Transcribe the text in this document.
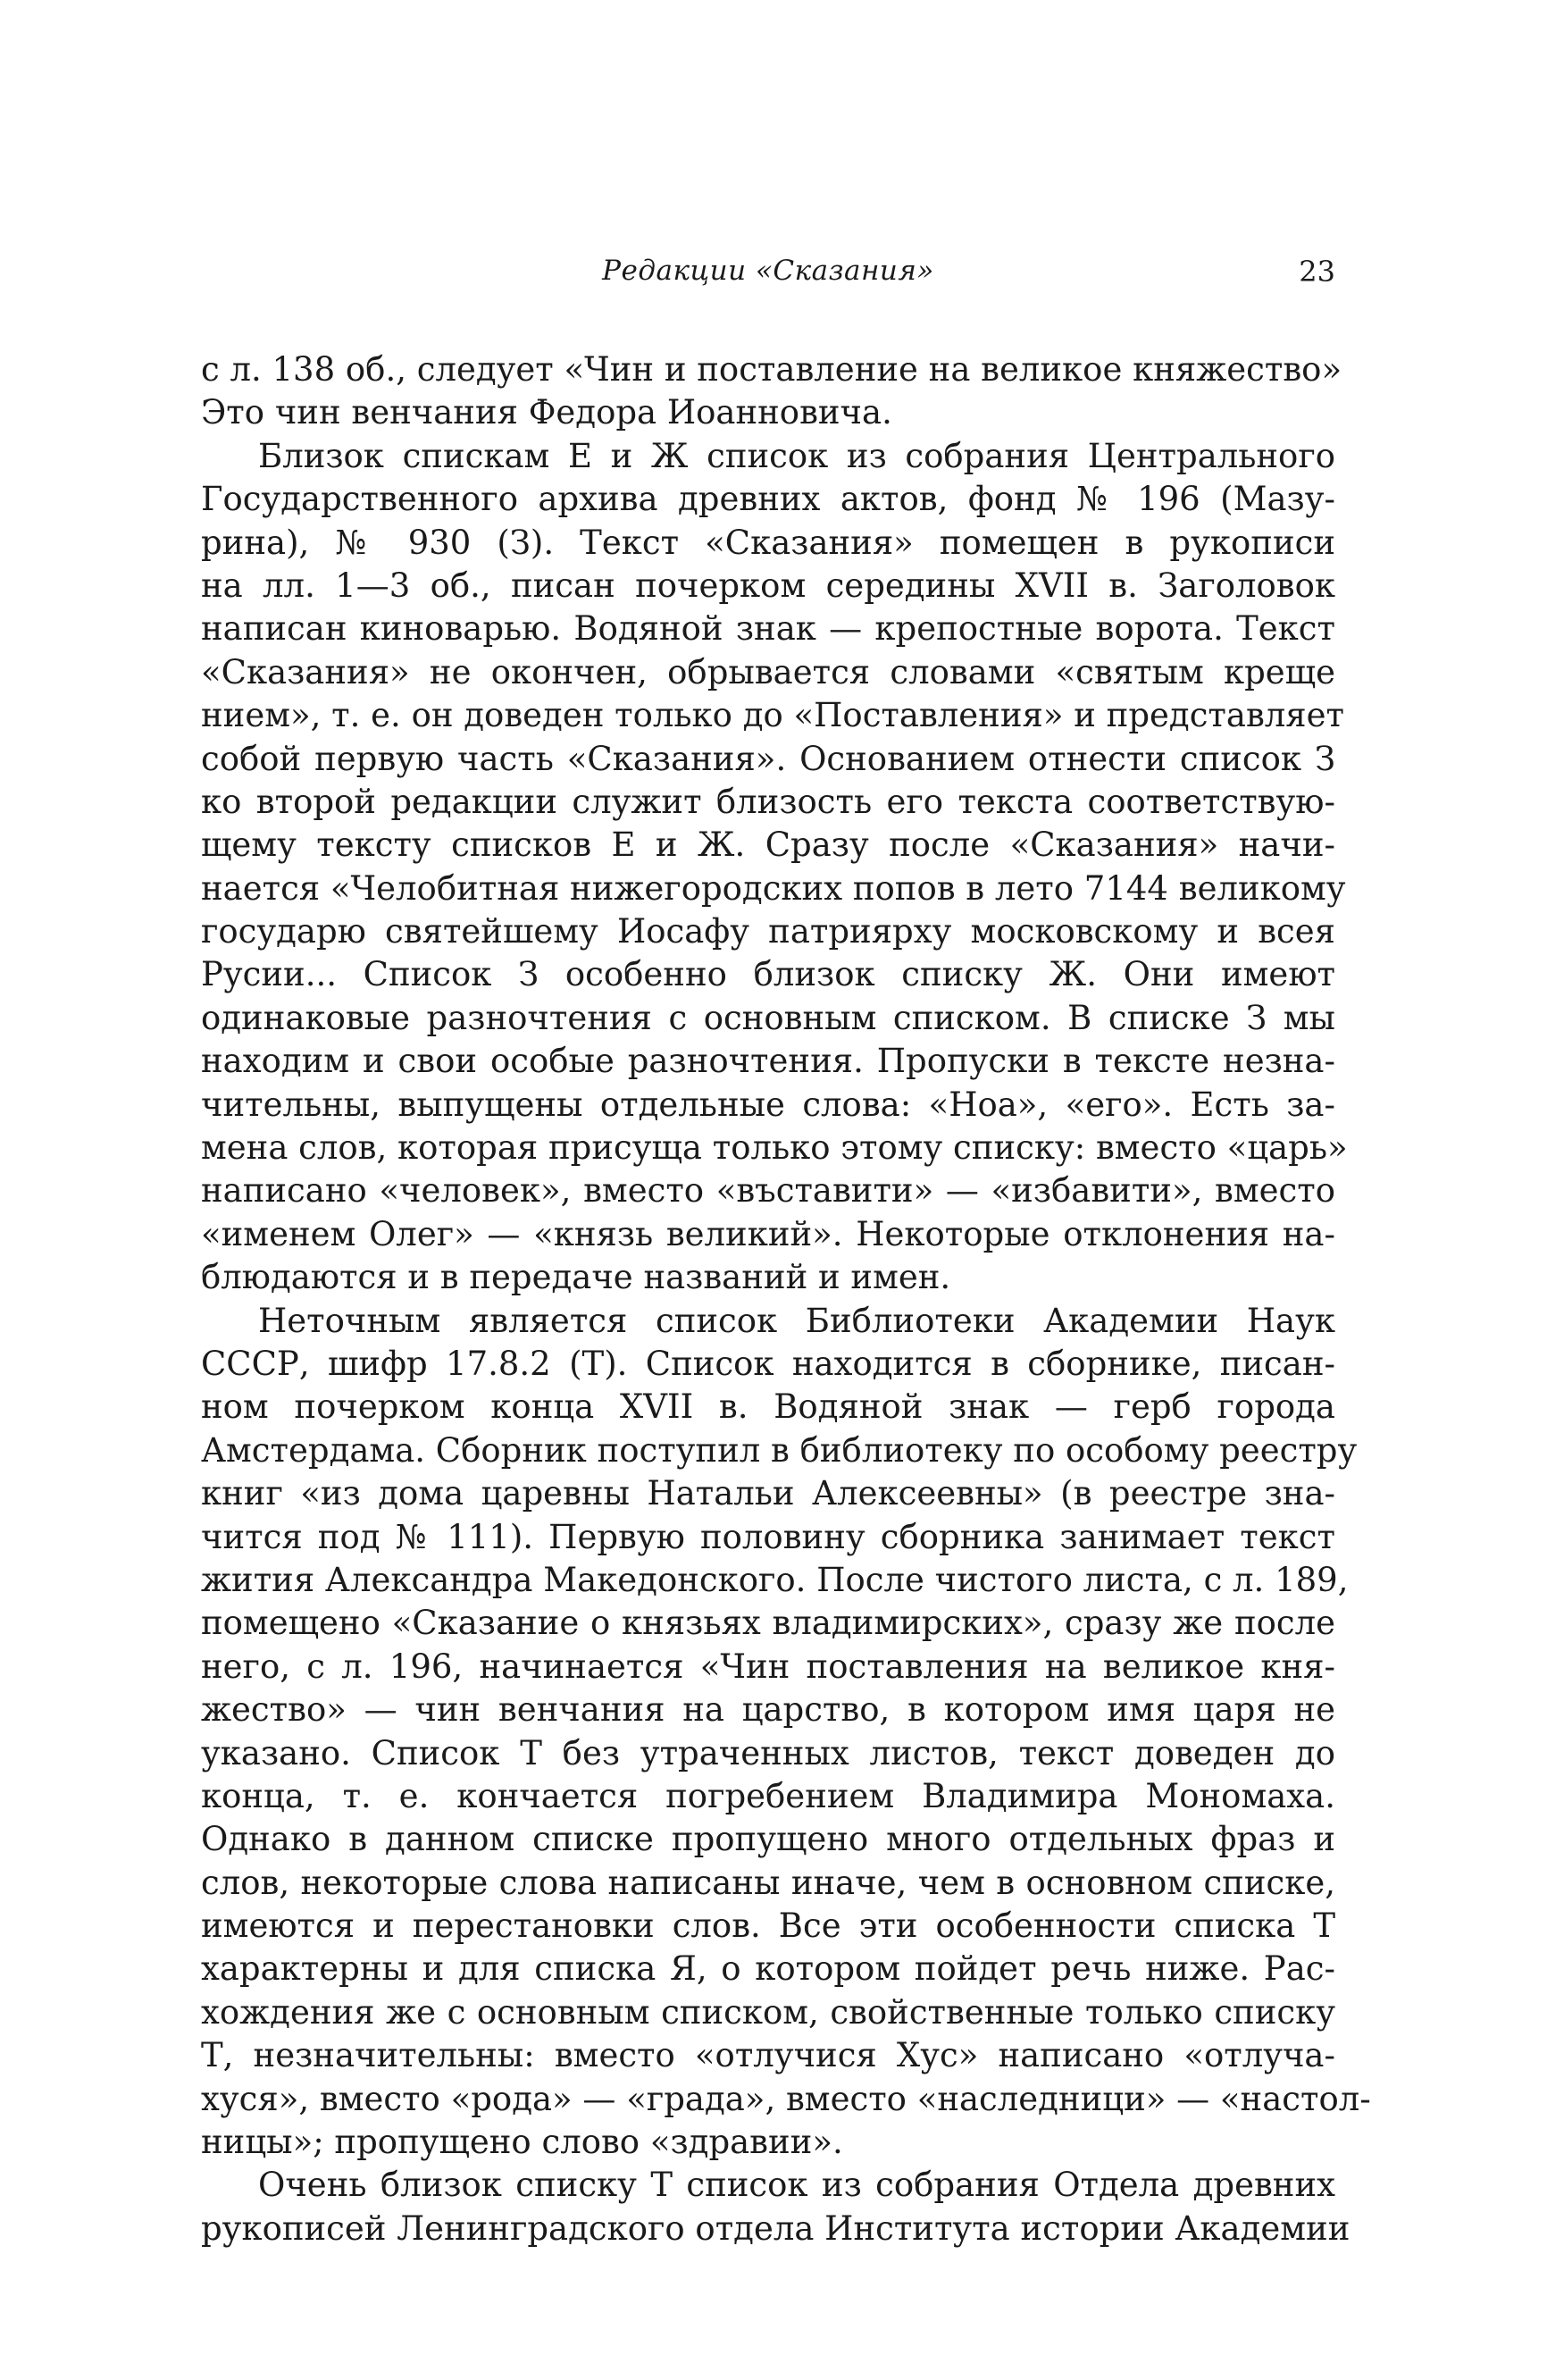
Редакции «Сказания»	23
с л. 138 об., следует «Чин и поставление на великое княжество»
Это чин венчания Федора Иоанновича.
Близок спискам Е и Ж список из собрания Центрального
Государственного архива древних актов, фонд № 196 (Мазу-
рина), № 930 (З). Текст «Сказания» помещен в рукописи
на лл. 1—3 об., писан почерком середины XVII в. Заголовок
написан киноварью. Водяной знак — крепостные ворота. Текст
«Сказания» не окончен, обрывается словами «святым креще
нием», т. е. он доведен только до «Поставления» и представляет
собой первую часть «Сказания». Основанием отнести список З
ко второй редакции служит близость его текста соответствую-
щему тексту списков Е и Ж. Сразу после «Сказания» начи-
нается «Челобитная нижегородских попов в лето 7144 великому
государю святейшему Иосафу патриярху московскому и всея
Русии... Список З особенно близок списку Ж. Они имеют
одинаковые разночтения с основным списком. В списке З мы
находим и свои особые разночтения. Пропуски в тексте незна-
чительны, выпущены отдельные слова: «Ноа», «его». Есть за-
мена слов, которая присуща только этому списку: вместо «царь»
написано «человек», вместо «въставити» — «избавити», вместо
«именем Олег» — «князь великий». Некоторые отклонения на-
блюдаются и в передаче названий и имен.
Неточным является список Библиотеки Академии Наук
СССР, шифр 17.8.2 (Т). Список находится в сборнике, писан-
ном почерком конца XVII в. Водяной знак — герб города
Амстердама. Сборник поступил в библиотеку по особому реестру
книг «из дома царевны Натальи Алексеевны» (в реестре зна-
чится под № 111). Первую половину сборника занимает текст
жития Александра Македонского. После чистого листа, с л. 189,
помещено «Сказание о князьях владимирских», сразу же после
него, с л. 196, начинается «Чин поставления на великое кня-
жество» — чин венчания на царство, в котором имя царя не
указано. Список Т без утраченных листов, текст доведен до
конца, т. е. кончается погребением Владимира Мономаха.
Однако в данном списке пропущено много отдельных фраз и
слов, некоторые слова написаны иначе, чем в основном списке,
имеются и перестановки слов. Все эти особенности списка Т
характерны и для списка Я, о котором пойдет речь ниже. Рас-
хождения же с основным списком, свойственные только списку
Т, незначительны: вместо «отлучися Хус» написано «отлуча-
хуся», вместо «рода» — «града», вместо «наследници» — «настол-
ницы»; пропущено слово «здравии».
Очень близок списку Т список из собрания Отдела древних
рукописей Ленинградского отдела Института истории Академии
